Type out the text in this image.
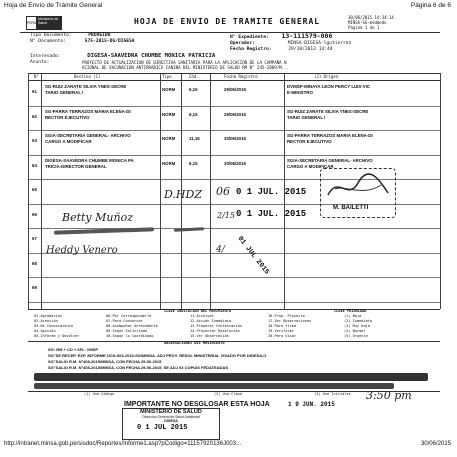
Hoja de Envío de Trámite General	Página 6 de 6
PERÚ
Ministerio de Salud	HOJA DE ENVIO DE TRAMITE GENERAL	30/06/2015 14:34:14
MINSA-SG-medmedo
Página 1 de 1
Tipo Documento:	PROVEIDO
N° Documento:	575-2015-DG/DIGESA
N° Expediente: 13-111579-006
Operador:	MINSA-DIGESA-lgutierrez
Fecha Registro:	29/10/2013 14:44
Interesado:	DIGESA-SAAVEDRA CHUMBE MONICA PATRICIA
Asunto:	PROYECTO DE ACTUALIZACION DE DIRECTIVA SANITARIA PARA LA APLICACION DE LA CAMPAÑA N
ACIONAL DE VACUNACION ANTIRRABICA CANINA DEL MINISTERIO DE SALUD RM N° 245-2009/M...
N°	Destino (1)	Tipo	Cód.	Fecha Registro	(2) Origen
61
SG-RUIZ ZARATE SILVIA YNES-SECRE
TARIO GENERAL I
NORM	6,15	29/06/2015
DVMSP-MINAYA LEON PERCY LUIS-VIC
E-MINISTRO
62
SG-PARRA TERRAZOS MARIA ELENA-DI
RECTOR EJECUTIVO
NORM	6,15	29/06/2015
SG-RUIZ ZARATE SILVIA YNES-SECRE
TARIO GENERAL I
63
SGIA-SECRETARIA GENERAL- ARCHIVO
CARGO A MODIFICAR
NORM	11,15	30/06/2015
SG-PARRA TERRAZOS MARIA ELENA-DI
RECTOR EJECUTIVO
64
DIGESA-SAAVEDRA CHUMBE MONICA PA
TRICIA-DIRECTOR GENERAL
NORM	6,15	30/06/2015
SGIA-SECRETARIA GENERAL- ARCHIVO
CARGO A MODIFICAR
65
66
67
68
69
D.HDZ 06 0 1 JUL. 2015
Betty Muñoz	2/15 0 1 JUL. 2015
Heddy Venero	4/ 01 JUL 2015
M. BAILETTI
CLAVE INDICACION DEL MOVIMIENTO	CLAVE PRIORIDAD
01.Aprobación
02.Atención
03.De Conocimiento
04.Opinión
05.Informe y Devolver
06.Por Corresponderle
07.Para Conversar
08.Acompañar Antecedente
09.Según Solicitado
10.Según lo Coordinado
11.Archivar
12.Acción Inmediata
13.Preparar Contestación
14.Proyectar Resolución
15.Ver Observación
16.Prep. Proyecto
17.Ver Observaciones
18.Para firma
19.Verificar
20.Para Visar
(1) Baja
(2) Inmediato
(3) Muy baja
(4) Normal
(5) Urgente
OBSERVACIONES DEL MOVIMIENTO
(1) Use Código	(2) Use Clave	(3) Use Iniciales
IMPORTANTE NO DESGLOSAR ESTA HOJA	1 9 JUN. 2015
3:50 pm
MINISTERIO DE SALUD
Dirección General de Salud Ambiental
DIGESA
0 1 JUL 2015
SG: RM + CD + 6FL. VMSP
SG"SE RECEP. EXP. INFORME UCN-063-2015-SG/MINSA, ADJ PROY. RESOL MINISTERIAL VISADO POR DIGESA,O
SG"SALIO R.M. N°408-2015/MINSA, CON FECHA 29-06-2015
SG"SALIO R.M. N°408-2015/MINSA, CON FECHA 29-06-2015, SE ADJ 03 COPIAS FEDATEADAS
http://intranet.minsa.gob.pe/sisdoc/Reportes/Informe1.asp?pCodigo=11157920136J003...	30/06/2015
